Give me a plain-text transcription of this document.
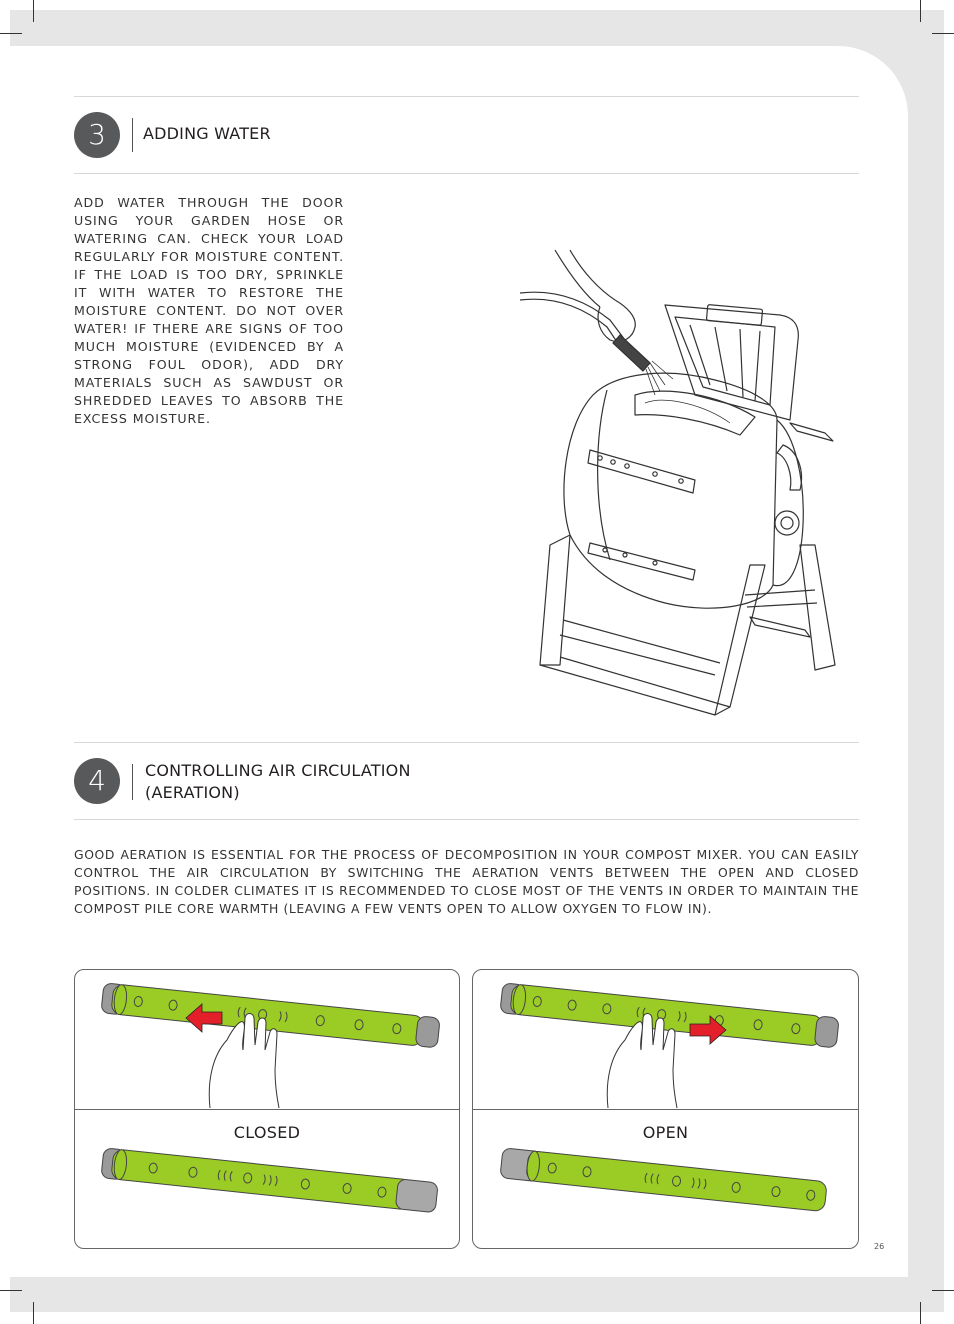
3	ADDING WATER
ADD WATER THROUGH THE DOOR USING YOUR GARDEN HOSE OR WATERING CAN. CHECK YOUR LOAD REGULARLY FOR MOISTURE CONTENT. IF THE LOAD IS TOO DRY, SPRINKLE IT WITH WATER TO RESTORE THE MOISTURE CONTENT. DO NOT OVER WATER! IF THERE ARE SIGNS OF TOO MUCH MOISTURE (EVIDENCED BY A STRONG FOUL ODOR), ADD DRY MATERIALS SUCH AS SAWDUST OR SHREDDED LEAVES TO ABSORB THE EXCESS MOISTURE.
4	CONTROLLING AIR CIRCULATION
(AERATION)
GOOD AERATION IS ESSENTIAL FOR THE PROCESS OF DECOMPOSITION IN YOUR COMPOST MIXER. YOU CAN EASILY CONTROL THE AIR CIRCULATION BY SWITCHING THE AERATION VENTS BETWEEN THE OPEN AND CLOSED POSITIONS. IN COLDER CLIMATES IT IS RECOMMENDED TO CLOSE MOST OF THE VENTS IN ORDER TO MAINTAIN THE COMPOST PILE CORE WARMTH (LEAVING A FEW VENTS OPEN TO ALLOW OXYGEN TO FLOW IN).
CLOSED	OPEN
26
